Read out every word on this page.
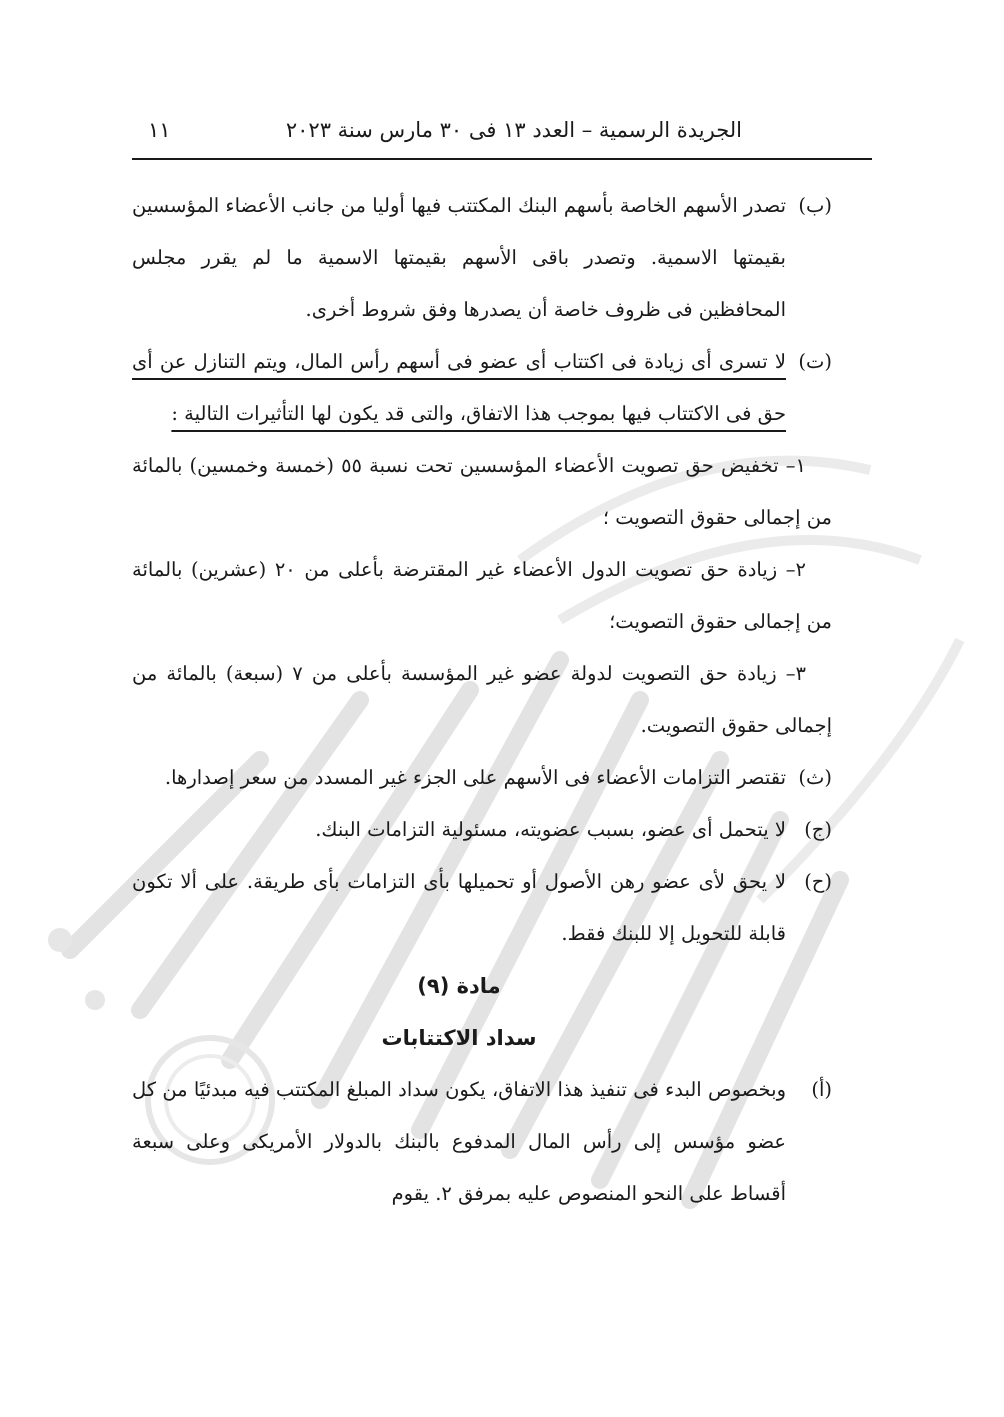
الجريدة الرسمية – العدد ١٣ فى ٣٠ مارس سنة ٢٠٢٣
١١

(ب)
تصدر الأسهم الخاصة بأسهم البنك المكتتب فيها أوليا من جانب الأعضاء المؤسسين بقيمتها الاسمية. وتصدر باقى الأسهم بقيمتها الاسمية ما لم يقرر مجلس المحافظين فى ظروف خاصة أن يصدرها وفق شروط أخرى.

(ت)
لا تسرى أى زيادة فى اكتتاب أى عضو فى أسهم رأس المال، ويتم التنازل عن أى حق فى الاكتتاب فيها بموجب هذا الاتفاق، والتى قد يكون لها التأثيرات التالية :

١– تخفيض حق تصويت الأعضاء المؤسسين تحت نسبة ٥٥ (خمسة وخمسين) بالمائة من إجمالى حقوق التصويت ؛

٢– زيادة حق تصويت الدول الأعضاء غير المقترضة بأعلى من ٢٠ (عشرين) بالمائة من إجمالى حقوق التصويت؛

٣– زيادة حق التصويت لدولة عضو غير المؤسسة بأعلى من ٧ (سبعة) بالمائة من إجمالى حقوق التصويت.

(ث)
تقتصر التزامات الأعضاء فى الأسهم على الجزء غير المسدد من سعر إصدارها.

(ج)
لا يتحمل أى عضو، بسبب عضويته، مسئولية التزامات البنك.

(ح)
لا يحق لأى عضو رهن الأصول أو تحميلها بأى التزامات بأى طريقة. على ألا تكون قابلة للتحويل إلا للبنك فقط.

مادة (٩)

سداد الاكتتابات

(أ)
وبخصوص البدء فى تنفيذ هذا الاتفاق، يكون سداد المبلغ المكتتب فيه مبدئيًا من كل عضو مؤسس إلى رأس المال المدفوع بالبنك بالدولار الأمريكى وعلى سبعة أقساط على النحو المنصوص عليه بمرفق ٢. يقوم
